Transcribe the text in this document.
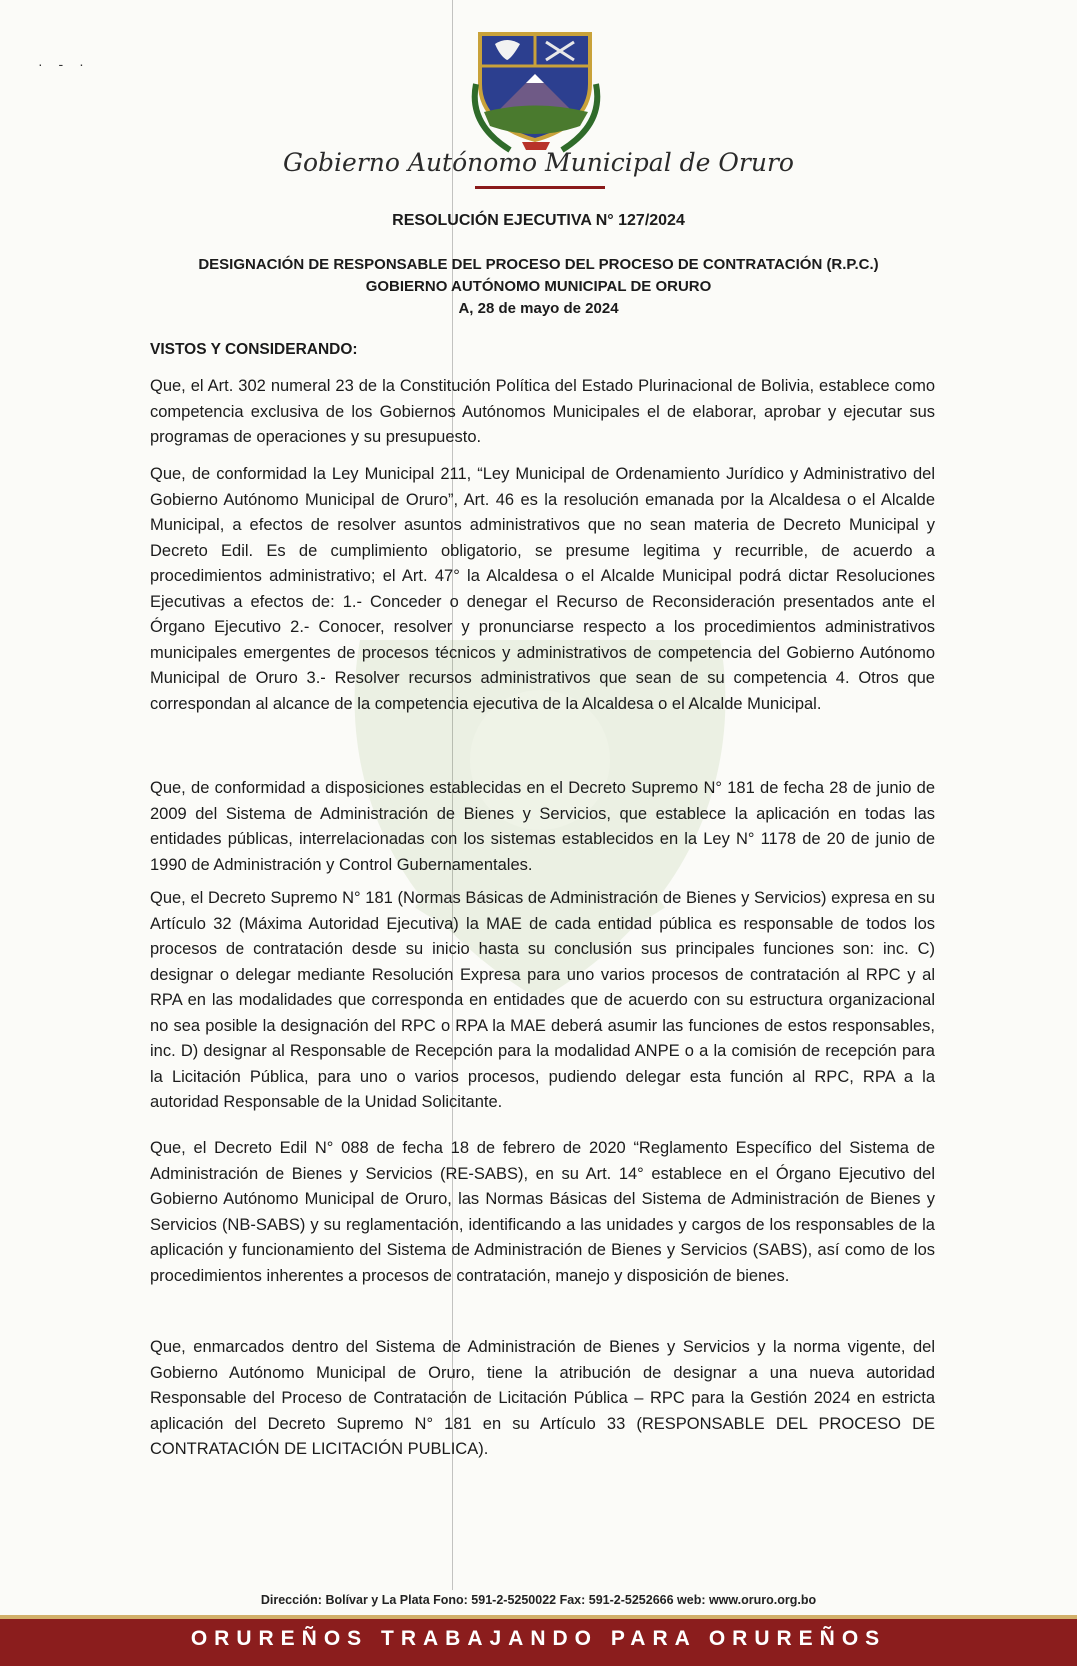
· - ·
Gobierno Autónomo Municipal de Oruro
RESOLUCIÓN EJECUTIVA N° 127/2024
DESIGNACIÓN DE RESPONSABLE DEL PROCESO DEL PROCESO DE CONTRATACIÓN (R.P.C.)
GOBIERNO AUTÓNOMO MUNICIPAL DE ORURO
A, 28 de mayo de 2024
VISTOS Y CONSIDERANDO:

Que, el Art. 302 numeral 23 de la Constitución Política del Estado Plurinacional de Bolivia, establece como competencia exclusiva de los Gobiernos Autónomos Municipales el de elaborar, aprobar y ejecutar sus programas de operaciones y su presupuesto.

Que, de conformidad la Ley Municipal 211, “Ley Municipal de Ordenamiento Jurídico y Administrativo del Gobierno Autónomo Municipal de Oruro”, Art. 46 es la resolución emanada por la Alcaldesa o el Alcalde Municipal, a efectos de resolver asuntos administrativos que no sean materia de Decreto Municipal y Decreto Edil. Es de cumplimiento obligatorio, se presume legitima y recurrible, de acuerdo a procedimientos administrativo; el Art. 47° la Alcaldesa o el Alcalde Municipal podrá dictar Resoluciones Ejecutivas a efectos de: 1.- Conceder o denegar el Recurso de Reconsideración presentados ante el Órgano Ejecutivo 2.- Conocer, resolver y pronunciarse respecto a los procedimientos administrativos municipales emergentes de procesos técnicos y administrativos de competencia del Gobierno Autónomo Municipal de Oruro 3.- Resolver recursos administrativos que sean de su competencia 4. Otros que correspondan al alcance de la competencia ejecutiva de la Alcaldesa o el Alcalde Municipal.

Que, de conformidad a disposiciones establecidas en el Decreto Supremo N° 181 de fecha 28 de junio de 2009 del Sistema de Administración de Bienes y Servicios, que establece la aplicación en todas las entidades públicas, interrelacionadas con los sistemas establecidos en la Ley N° 1178 de 20 de junio de 1990 de Administración y Control Gubernamentales.

Que, el Decreto Supremo N° 181 (Normas Básicas de Administración de Bienes y Servicios) expresa en su Artículo 32 (Máxima Autoridad Ejecutiva) la MAE de cada entidad pública es responsable de todos los procesos de contratación desde su inicio hasta su conclusión sus principales funciones son: inc. C) designar o delegar mediante Resolución Expresa para uno varios procesos de contratación al RPC y al RPA en las modalidades que corresponda en entidades que de acuerdo con su estructura organizacional no sea posible la designación del RPC o RPA la MAE deberá asumir las funciones de estos responsables, inc. D) designar al Responsable de Recepción para la modalidad ANPE o a la comisión de recepción para la Licitación Pública, para uno o varios procesos, pudiendo delegar esta función al RPC, RPA a la autoridad Responsable de la Unidad Solicitante.

Que, el Decreto Edil N° 088 de fecha 18 de febrero de 2020 “Reglamento Específico del Sistema de Administración de Bienes y Servicios (RE-SABS), en su Art. 14° establece en el Órgano Ejecutivo del Gobierno Autónomo Municipal de Oruro, las Normas Básicas del Sistema de Administración de Bienes y Servicios (NB-SABS) y su reglamentación, identificando a las unidades y cargos de los responsables de la aplicación y funcionamiento del Sistema de Administración de Bienes y Servicios (SABS), así como de los procedimientos inherentes a procesos de contratación, manejo y disposición de bienes.

Que, enmarcados dentro del Sistema de Administración de Bienes y Servicios y la norma vigente, del Gobierno Autónomo Municipal de Oruro, tiene la atribución de designar a una nueva autoridad Responsable del Proceso de Contratación de Licitación Pública – RPC para la Gestión 2024 en estricta aplicación del Decreto Supremo N° 181 en su Artículo 33 (RESPONSABLE DEL PROCESO DE CONTRATACIÓN DE LICITACIÓN PUBLICA).

Dirección: Bolívar y La Plata Fono: 591-2-5250022 Fax: 591-2-5252666 web: www.oruro.org.bo
ORUREÑOS TRABAJANDO PARA ORUREÑOS
